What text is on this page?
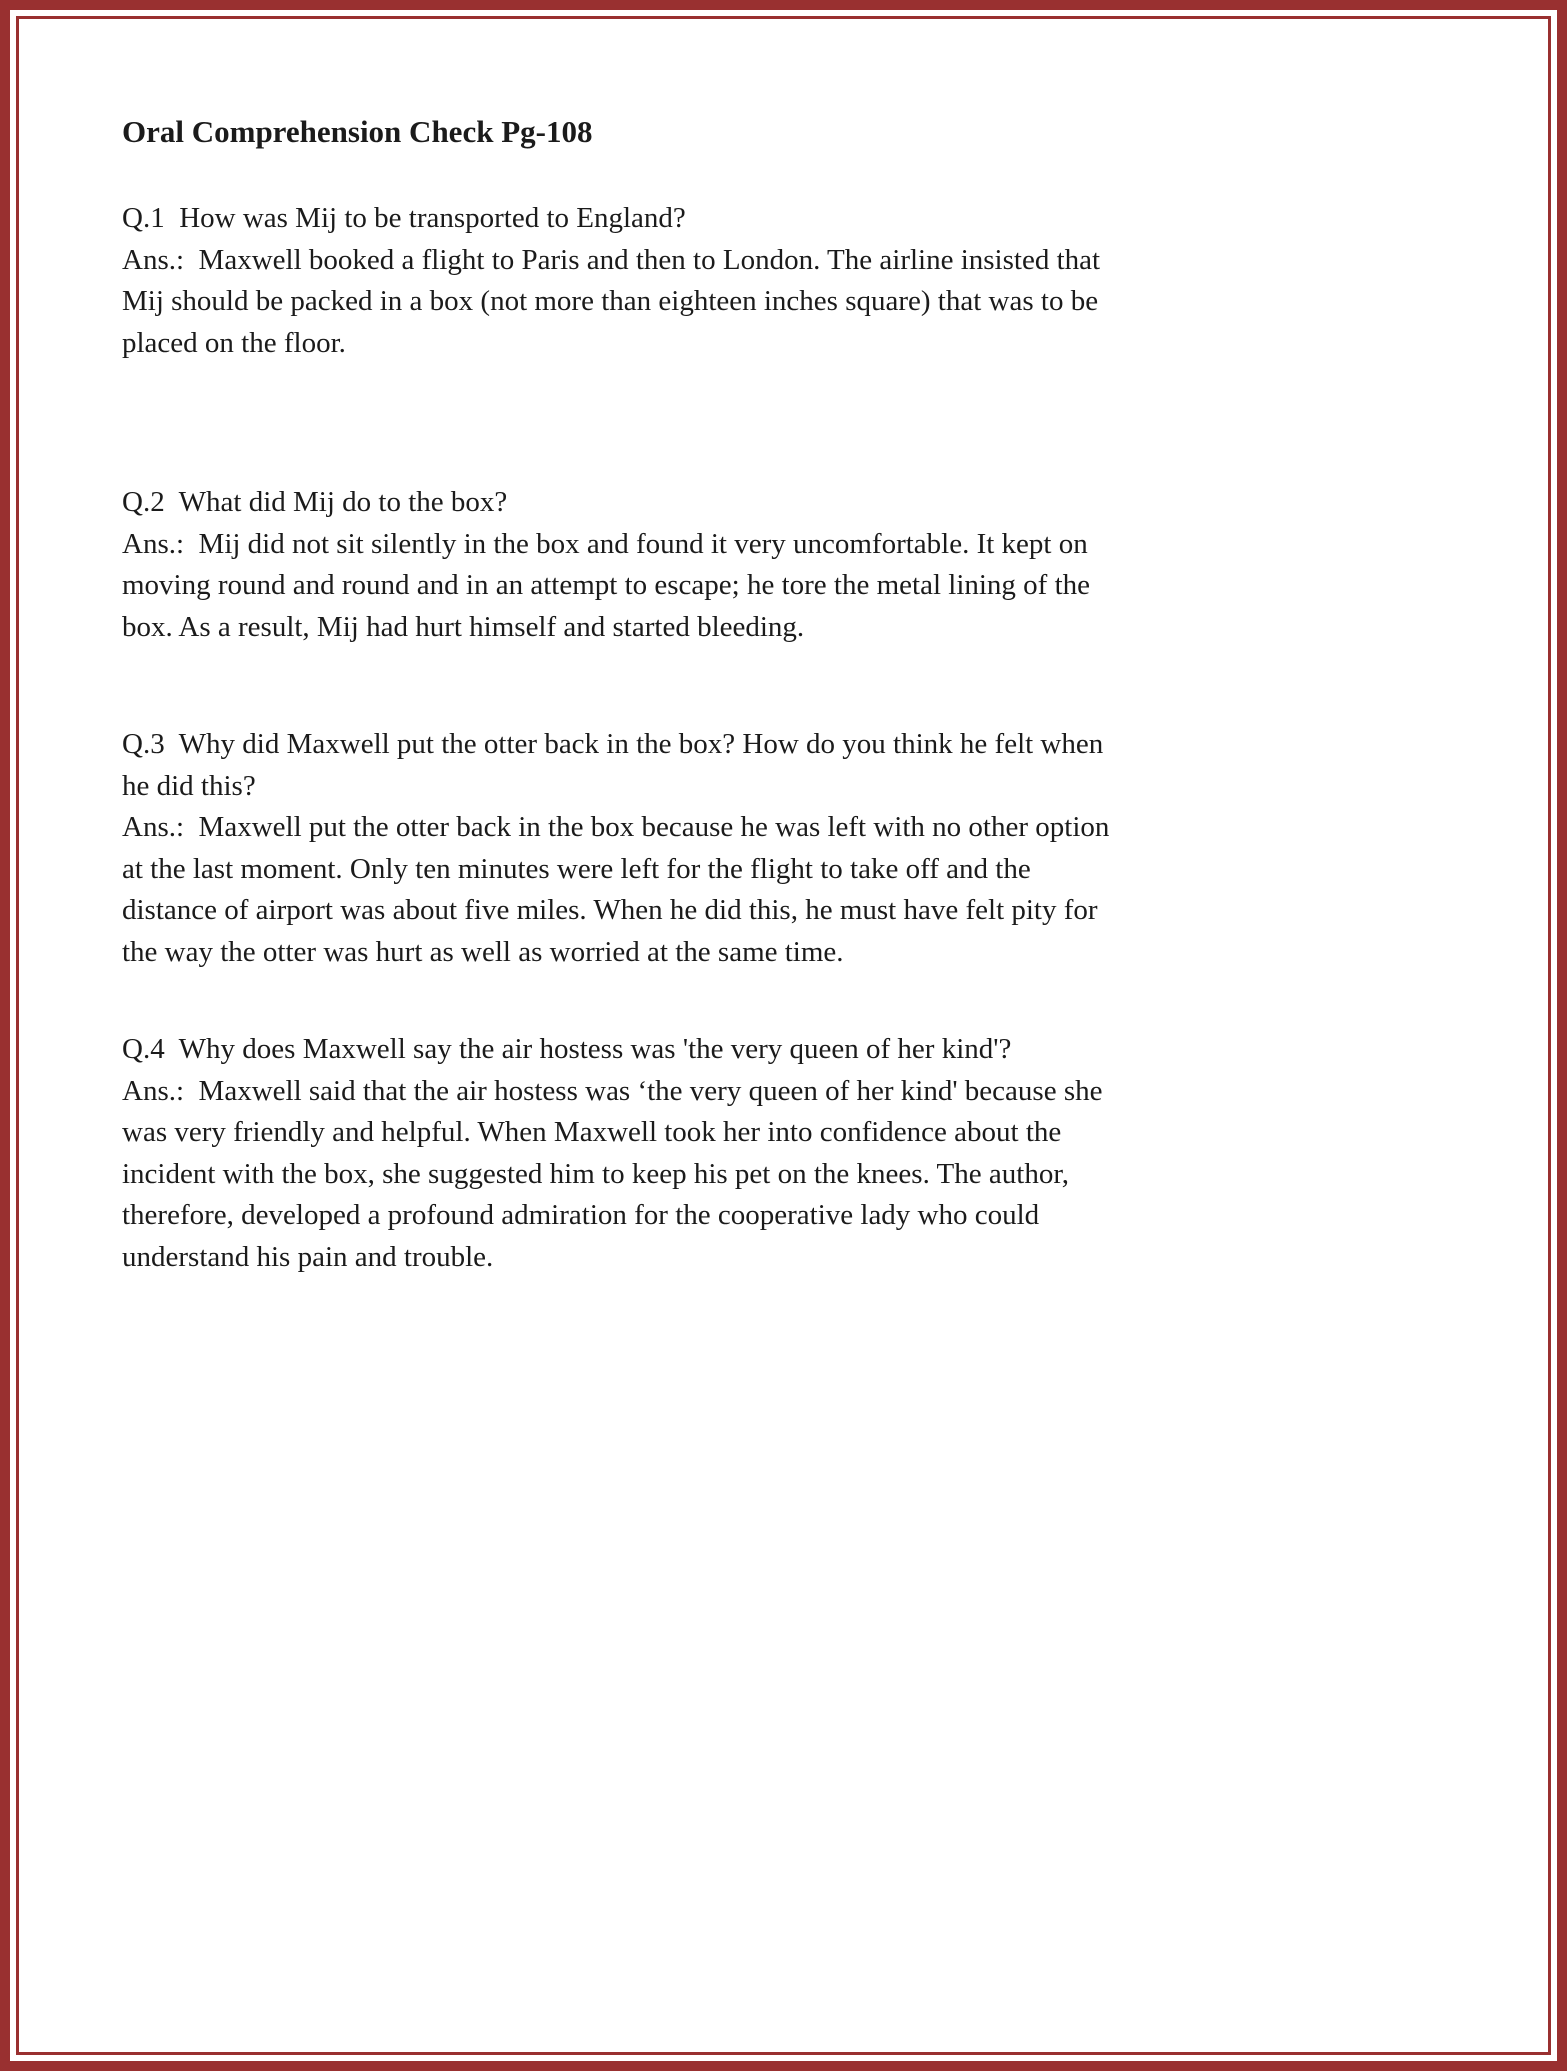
Oral Comprehension Check Pg-108

Q.1  How was Mij to be transported to England?

Ans.:  Maxwell booked a flight to Paris and then to London. The airline insisted that Mij should be packed in a box (not more than eighteen inches square) that was to be placed on the floor.

Q.2  What did Mij do to the box?

Ans.:  Mij did not sit silently in the box and found it very uncomfortable. It kept on moving round and round and in an attempt to escape; he tore the metal lining of the box. As a result, Mij had hurt himself and started bleeding.

Q.3  Why did Maxwell put the otter back in the box? How do you think he felt when he did this?

Ans.:  Maxwell put the otter back in the box because he was left with no other option at the last moment. Only ten minutes were left for the flight to take off and the distance of airport was about five miles. When he did this, he must have felt pity for the way the otter was hurt as well as worried at the same time.

Q.4  Why does Maxwell say the air hostess was 'the very queen of her kind'?

Ans.:  Maxwell said that the air hostess was ‘the very queen of her kind' because she was very friendly and helpful. When Maxwell took her into confidence about the incident with the box, she suggested him to keep his pet on the knees. The author, therefore, developed a profound admiration for the cooperative lady who could understand his pain and trouble.
